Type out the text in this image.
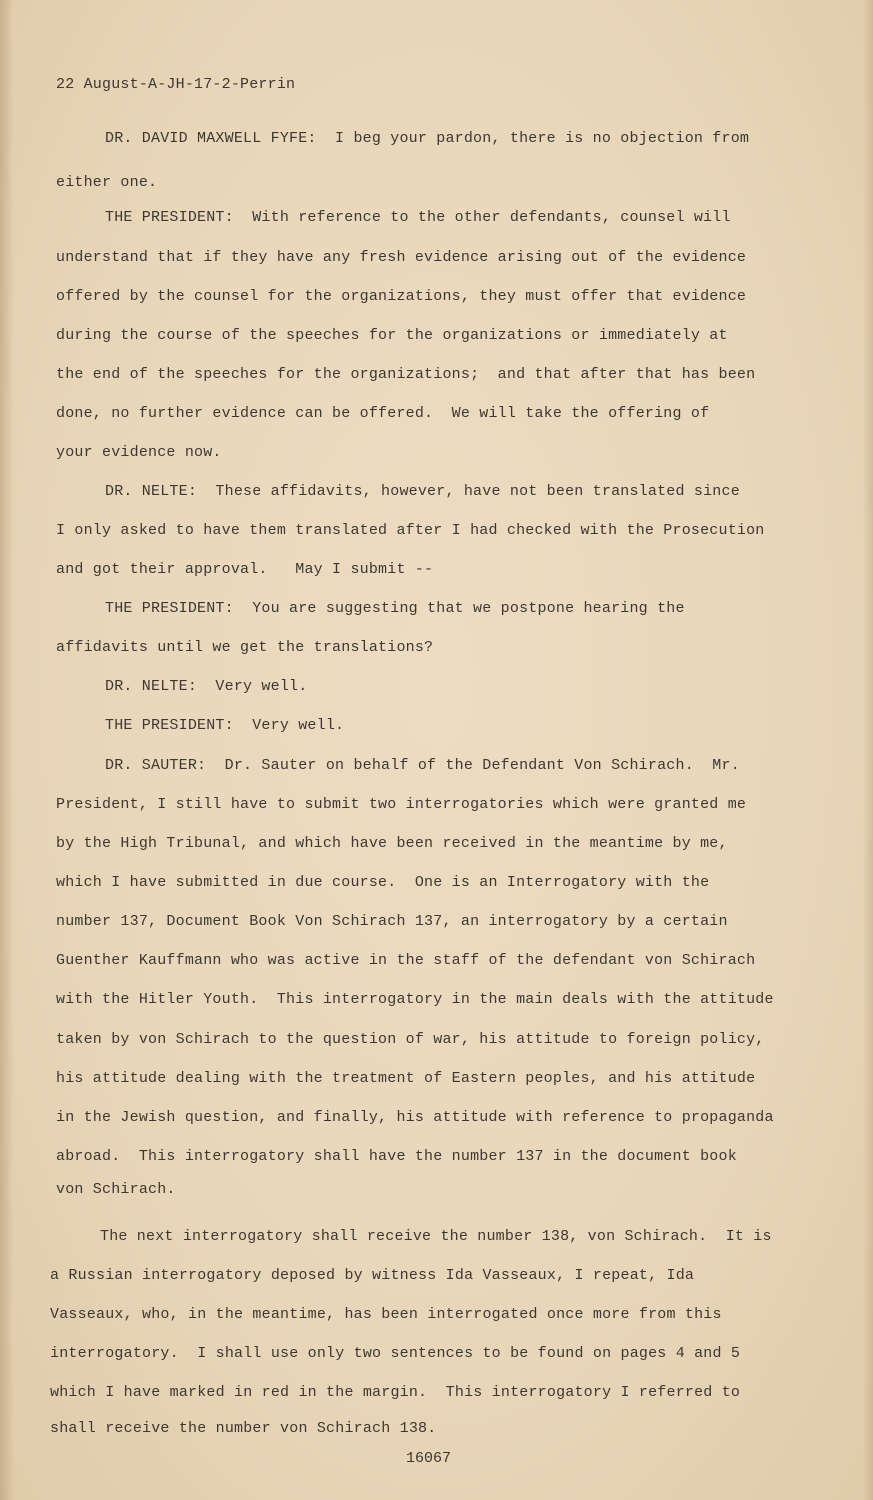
22 August-A-JH-17-2-Perrin
DR. DAVID MAXWELL FYFE:  I beg your pardon, there is no objection from
either one.
THE PRESIDENT:  With reference to the other defendants, counsel will
understand that if they have any fresh evidence arising out of the evidence
offered by the counsel for the organizations, they must offer that evidence
during the course of the speeches for the organizations or immediately at
the end of the speeches for the organizations;  and that after that has been
done, no further evidence can be offered.  We will take the offering of
your evidence now.
DR. NELTE:  These affidavits, however, have not been translated since
I only asked to have them translated after I had checked with the Prosecution
and got their approval.   May I submit --
THE PRESIDENT:  You are suggesting that we postpone hearing the
affidavits until we get the translations?
DR. NELTE:  Very well.
THE PRESIDENT:  Very well.
DR. SAUTER:  Dr. Sauter on behalf of the Defendant Von Schirach.  Mr.
President, I still have to submit two interrogatories which were granted me
by the High Tribunal, and which have been received in the meantime by me,
which I have submitted in due course.  One is an Interrogatory with the
number 137, Document Book Von Schirach 137, an interrogatory by a certain
Guenther Kauffmann who was active in the staff of the defendant von Schirach
with the Hitler Youth.  This interrogatory in the main deals with the attitude
taken by von Schirach to the question of war, his attitude to foreign policy,
his attitude dealing with the treatment of Eastern peoples, and his attitude
in the Jewish question, and finally, his attitude with reference to propaganda
abroad.  This interrogatory shall have the number 137 in the document book
von Schirach.
The next interrogatory shall receive the number 138, von Schirach.  It is
a Russian interrogatory deposed by witness Ida Vasseaux, I repeat, Ida
Vasseaux, who, in the meantime, has been interrogated once more from this
interrogatory.  I shall use only two sentences to be found on pages 4 and 5
which I have marked in red in the margin.  This interrogatory I referred to
shall receive the number von Schirach 138.
16067
